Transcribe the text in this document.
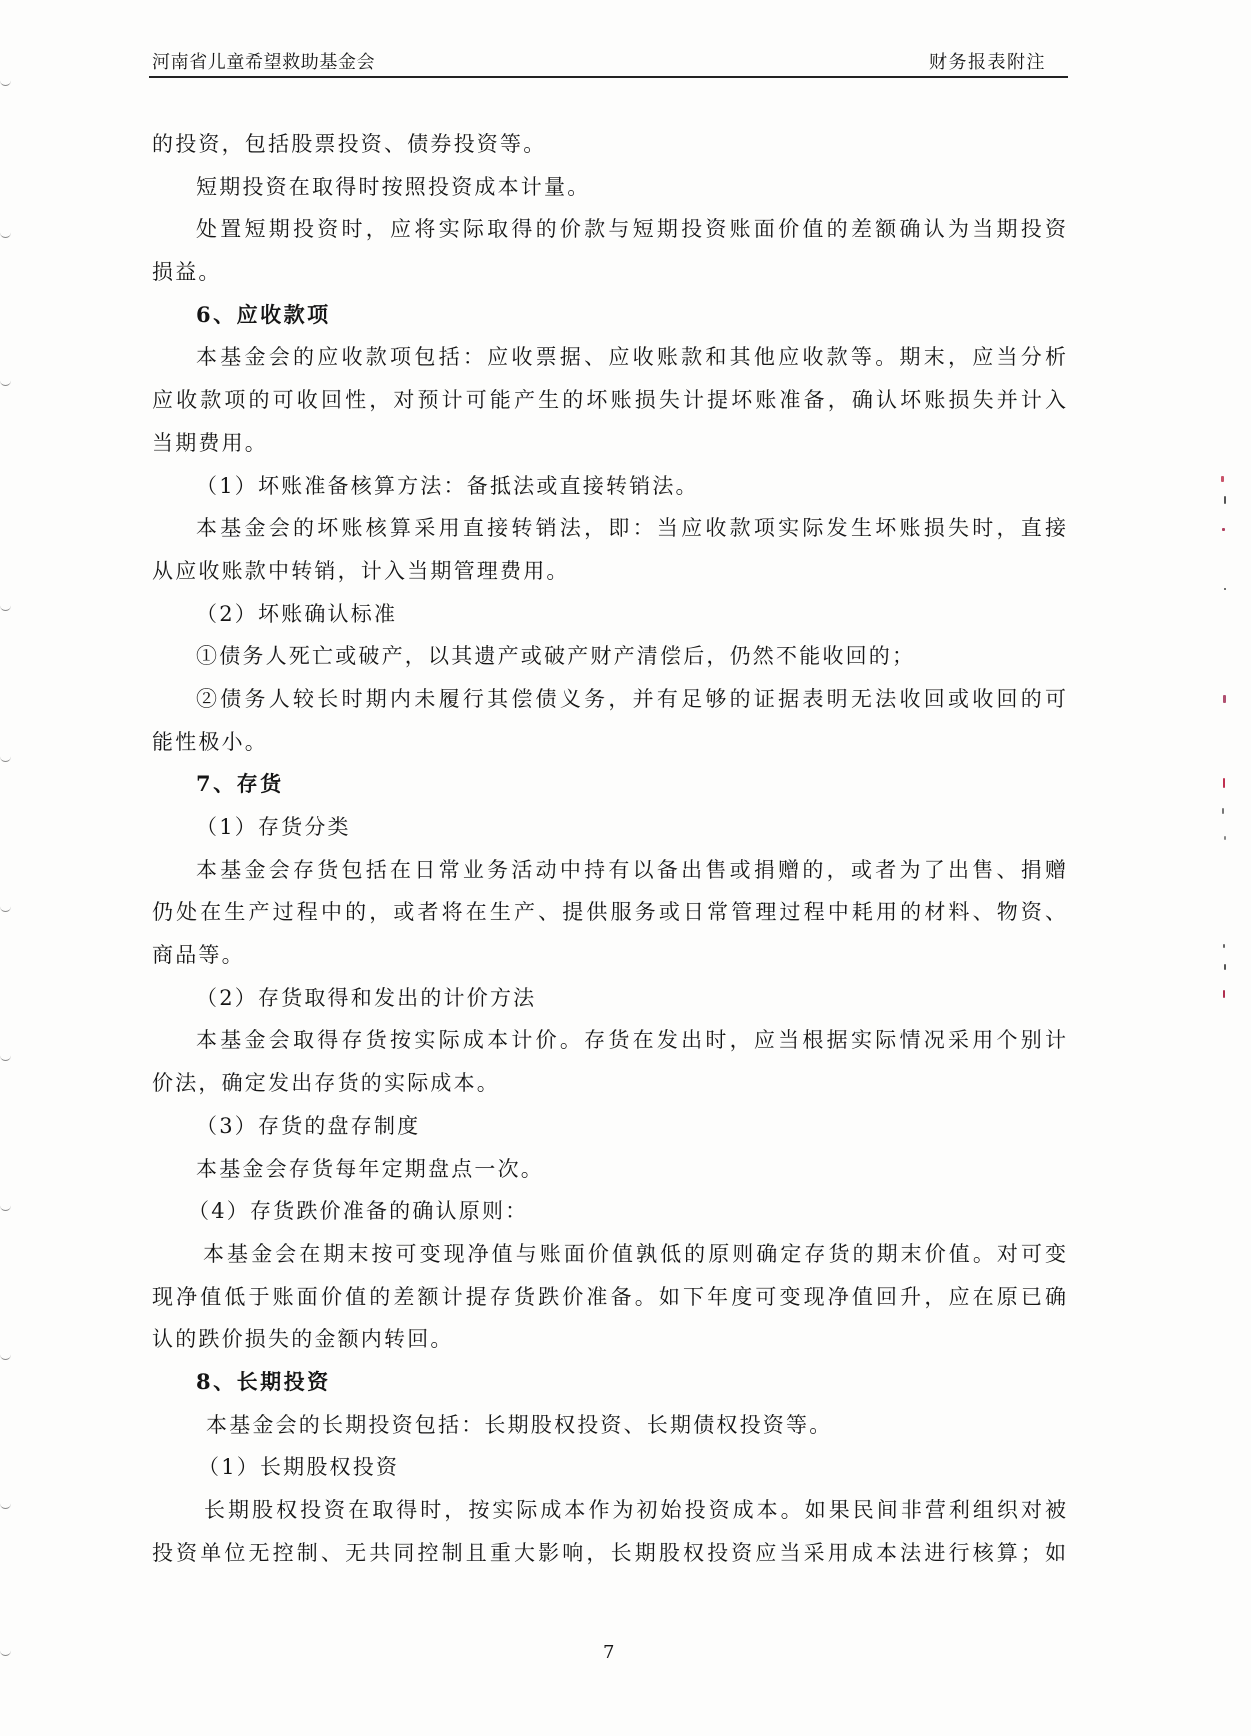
河南省儿童希望救助基金会	财务报表附注
的投资，包括股票投资、债券投资等。
短期投资在取得时按照投资成本计量。
处置短期投资时，应将实际取得的价款与短期投资账面价值的差额确认为当期投资
损益。
6、应收款项
本基金会的应收款项包括：应收票据、应收账款和其他应收款等。期末，应当分析
应收款项的可收回性，对预计可能产生的坏账损失计提坏账准备，确认坏账损失并计入
当期费用。
（1）坏账准备核算方法：备抵法或直接转销法。
本基金会的坏账核算采用直接转销法，即：当应收款项实际发生坏账损失时，直接
从应收账款中转销，计入当期管理费用。
（2）坏账确认标准
①债务人死亡或破产，以其遗产或破产财产清偿后，仍然不能收回的；
②债务人较长时期内未履行其偿债义务，并有足够的证据表明无法收回或收回的可
能性极小。
7、存货
（1）存货分类
本基金会存货包括在日常业务活动中持有以备出售或捐赠的，或者为了出售、捐赠
仍处在生产过程中的，或者将在生产、提供服务或日常管理过程中耗用的材料、物资、
商品等。
（2）存货取得和发出的计价方法
本基金会取得存货按实际成本计价。存货在发出时，应当根据实际情况采用个别计
价法，确定发出存货的实际成本。
（3）存货的盘存制度
本基金会存货每年定期盘点一次。
（4）存货跌价准备的确认原则：
本基金会在期末按可变现净值与账面价值孰低的原则确定存货的期末价值。对可变
现净值低于账面价值的差额计提存货跌价准备。如下年度可变现净值回升，应在原已确
认的跌价损失的金额内转回。
8、长期投资
本基金会的长期投资包括：长期股权投资、长期债权投资等。
（1）长期股权投资
长期股权投资在取得时，按实际成本作为初始投资成本。如果民间非营利组织对被
投资单位无控制、无共同控制且重大影响，长期股权投资应当采用成本法进行核算；如
7
